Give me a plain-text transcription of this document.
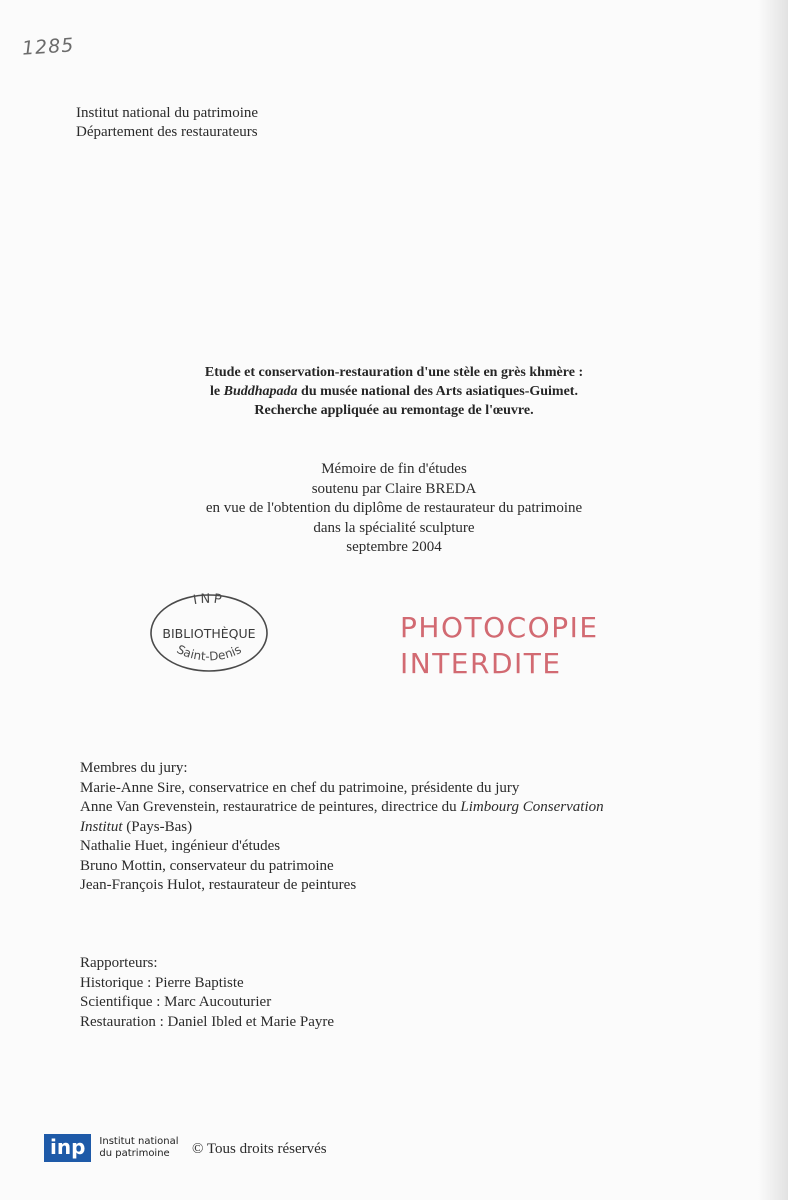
1285
Institut national du patrimoine
Département des restaurateurs
Etude et conservation-restauration d'une stèle en grès khmère :
le Buddhapada du musée national des Arts asiatiques-Guimet.
Recherche appliquée au remontage de l'œuvre.
Mémoire de fin d'études
soutenu par Claire BREDA
en vue de l'obtention du diplôme de restaurateur du patrimoine
dans la spécialité sculpture
septembre 2004
INP
BIBLIOTHÈQUE
Saint-Denis
PHOTOCOPIE
INTERDITE
Membres du jury:
Marie-Anne Sire, conservatrice en chef du patrimoine, présidente du jury
Anne Van Grevenstein, restauratrice de peintures, directrice du Limbourg Conservation
Institut (Pays-Bas)
Nathalie Huet, ingénieur d'études
Bruno Mottin, conservateur du patrimoine
Jean-François Hulot, restaurateur de peintures
Rapporteurs:
Historique : Pierre Baptiste
Scientifique : Marc Aucouturier
Restauration : Daniel Ibled et Marie Payre
inp	Institut national
du patrimoine	© Tous droits réservés
